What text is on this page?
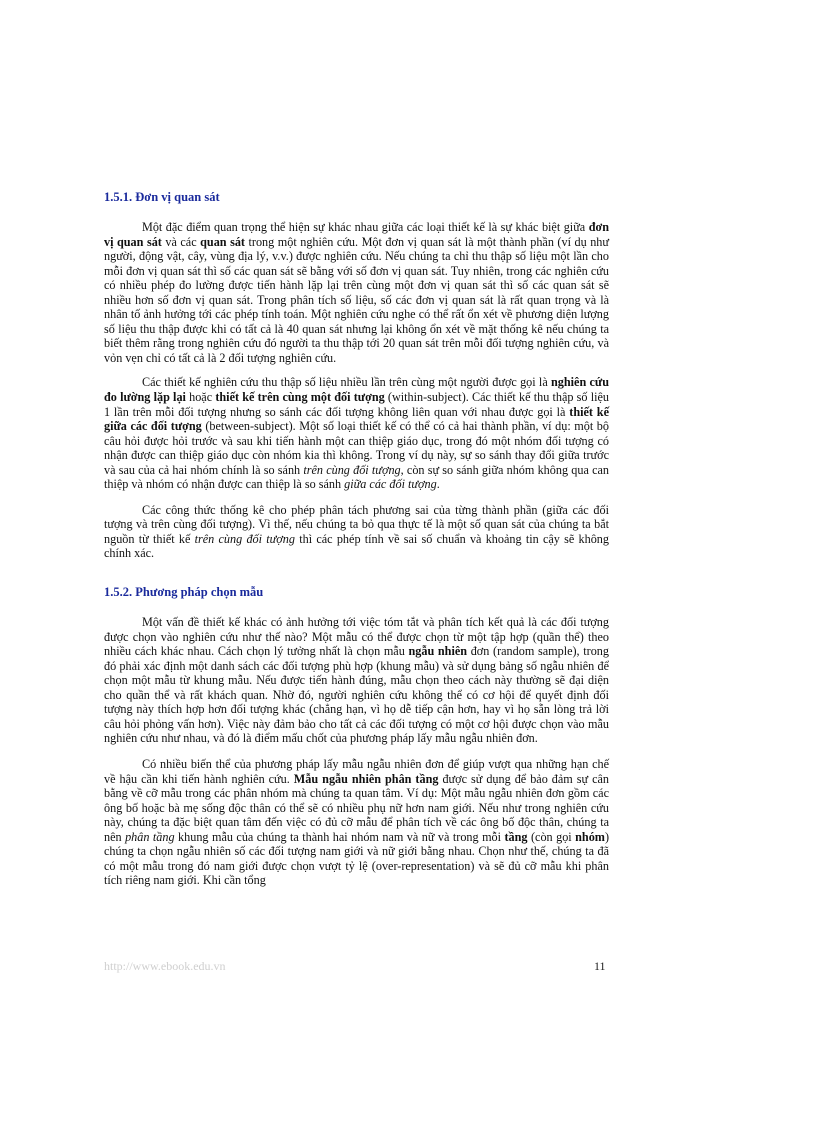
1.5.1. Đơn vị quan sát

Một đặc điểm quan trọng thể hiện sự khác nhau giữa các loại thiết kế là sự khác biệt giữa đơn vị quan sát và các quan sát trong một nghiên cứu. Một đơn vị quan sát là một thành phần (ví dụ như người, động vật, cây, vùng địa lý, v.v.) được nghiên cứu. Nếu chúng ta chỉ thu thập số liệu một lần cho mỗi đơn vị quan sát thì số các quan sát sẽ bằng với số đơn vị quan sát. Tuy nhiên, trong các nghiên cứu có nhiều phép đo lường được tiến hành lặp lại trên cùng một đơn vị quan sát thì số các quan sát sẽ nhiều hơn số đơn vị quan sát. Trong phân tích số liệu, số các đơn vị quan sát là rất quan trọng và là nhân tố ảnh hưởng tới các phép tính toán. Một nghiên cứu nghe có thể rất ổn xét về phương diện lượng số liệu thu thập được khi có tất cả là 40 quan sát nhưng lại không ổn xét về mặt thống kê nếu chúng ta biết thêm rằng trong nghiên cứu đó người ta thu thập tới 20 quan sát trên mỗi đối tượng nghiên cứu, và vỏn vẹn chỉ có tất cả là 2 đối tượng nghiên cứu.

Các thiết kế nghiên cứu thu thập số liệu nhiều lần trên cùng một người được gọi là nghiên cứu đo lường lặp lại hoặc thiết kế trên cùng một đối tượng (within-subject). Các thiết kế thu thập số liệu 1 lần trên mỗi đối tượng nhưng so sánh các đối tượng không liên quan với nhau được gọi là thiết kế giữa các đối tượng (between-subject). Một số loại thiết kế có thể có cả hai thành phần, ví dụ: một bộ câu hỏi được hỏi trước và sau khi tiến hành một can thiệp giáo dục, trong đó một nhóm đối tượng có nhận được can thiệp giáo dục còn nhóm kia thì không. Trong ví dụ này, sự so sánh thay đổi giữa trước và sau của cả hai nhóm chính là so sánh trên cùng đối tượng, còn sự so sánh giữa nhóm không qua can thiệp và nhóm có nhận được can thiệp là so sánh giữa các đối tượng.

Các công thức thống kê cho phép phân tách phương sai của từng thành phần (giữa các đối tượng và trên cùng đối tượng). Vì thế, nếu chúng ta bỏ qua thực tế là một số quan sát của chúng ta bắt nguồn từ thiết kế trên cùng đối tượng thì các phép tính về sai số chuẩn và khoảng tin cậy sẽ không chính xác.

1.5.2. Phương pháp chọn mẫu

Một vấn đề thiết kế khác có ảnh hưởng tới việc tóm tắt và phân tích kết quả là các đối tượng được chọn vào nghiên cứu như thế nào? Một mẫu có thể được chọn từ một tập hợp (quần thể) theo nhiều cách khác nhau. Cách chọn lý tưởng nhất là chọn mẫu ngẫu nhiên đơn (random sample), trong đó phải xác định một danh sách các đối tượng phù hợp (khung mẫu) và sử dụng bảng số ngẫu nhiên để chọn một mẫu từ khung mẫu. Nếu được tiến hành đúng, mẫu chọn theo cách này thường sẽ đại diện cho quần thể và rất khách quan. Nhờ đó, người nghiên cứu không thể có cơ hội để quyết định đối tượng này thích hợp hơn đối tượng khác (chẳng hạn, vì họ dễ tiếp cận hơn, hay vì họ sẵn lòng trả lời câu hỏi phỏng vấn hơn). Việc này đảm bảo cho tất cả các đối tượng có một cơ hội được chọn vào mẫu nghiên cứu như nhau, và đó là điểm mấu chốt của phương pháp lấy mẫu ngẫu nhiên đơn.

Có nhiều biến thể của phương pháp lấy mẫu ngẫu nhiên đơn để giúp vượt qua những hạn chế về hậu cần khi tiến hành nghiên cứu. Mẫu ngẫu nhiên phân tầng được sử dụng để bảo đảm sự cân bằng về cỡ mẫu trong các phân nhóm mà chúng ta quan tâm. Ví dụ: Một mẫu ngẫu nhiên đơn gồm các ông bố hoặc bà mẹ sống độc thân có thể sẽ có nhiều phụ nữ hơn nam giới. Nếu như trong nghiên cứu này, chúng ta đặc biệt quan tâm đến việc có đủ cỡ mẫu để phân tích về các ông bố độc thân, chúng ta nên phân tầng khung mẫu của chúng ta thành hai nhóm nam và nữ và trong mỗi tầng (còn gọi nhóm) chúng ta chọn ngẫu nhiên số các đối tượng nam giới và nữ giới bằng nhau. Chọn như thế, chúng ta đã có một mẫu trong đó nam giới được chọn vượt tỷ lệ (over-representation) và sẽ đủ cỡ mẫu khi phân tích riêng nam giới. Khi cần tổng

http://www.ebook.edu.vn	11
